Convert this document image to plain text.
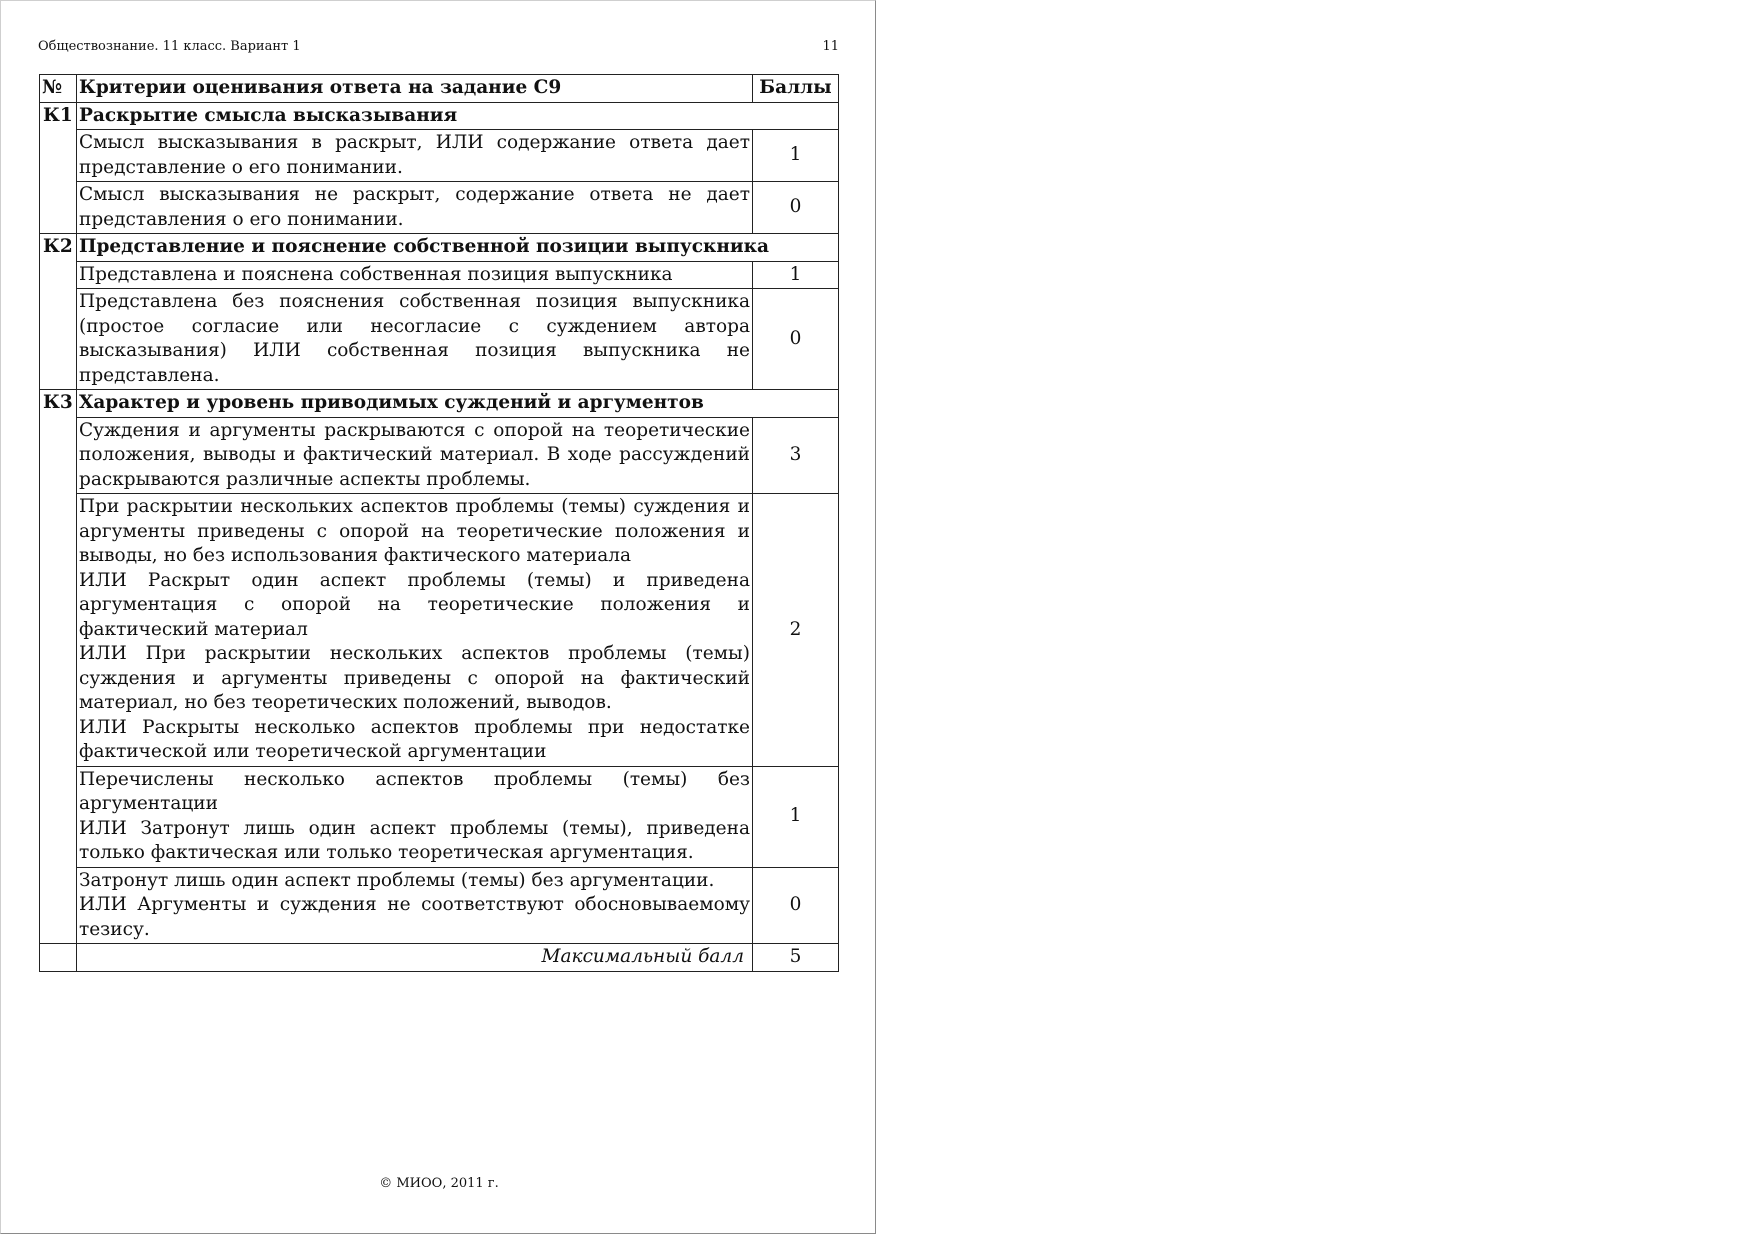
Обществознание. 11 класс. Вариант 1	11
№	Критерии оценивания ответа на задание С9	Баллы
К1	Раскрытие смысла высказывания	
	Смысл высказывания в раскрыт, ИЛИ содержание ответа дает представление о его понимании.	1
	Смысл высказывания не раскрыт, содержание ответа не дает представления о его понимании.	0
К2	Представление и пояснение собственной позиции выпускника	
	Представлена и пояснена собственная позиция выпускника	1
	Представлена без пояснения собственная позиция выпускника (простое согласие или несогласие с суждением автора высказывания) ИЛИ собственная позиция выпускника не представлена.	0
К3	Характер и уровень приводимых суждений и аргументов	
	Суждения и аргументы раскрываются с опорой на теоретические положения, выводы и фактический материал. В ходе рассуждений раскрываются различные аспекты проблемы.	3

	При раскрытии нескольких аспектов проблемы (темы) суждения и аргументы приведены с опорой на теоретические положения и выводы, но без использования фактического материала
ИЛИ Раскрыт один аспект проблемы (темы) и приведена аргументация с опорой на теоретические положения и фактический материал
ИЛИ При раскрытии нескольких аспектов проблемы (темы) суждения и аргументы приведены с опорой на фактический материал, но без теоретических положений, выводов.
ИЛИ Раскрыты несколько аспектов проблемы при недостатке фактической или теоретической аргументации	2

	Перечислены несколько аспектов проблемы (темы) без аргументации
ИЛИ Затронут лишь один аспект проблемы (темы), приведена только фактическая или только теоретическая аргументация.	1

	Затронут лишь один аспект проблемы (темы) без аргументации.
ИЛИ Аргументы и суждения не соответствуют обосновываемому тезису.	0
	Максимальный балл	5
© МИОО, 2011 г.
